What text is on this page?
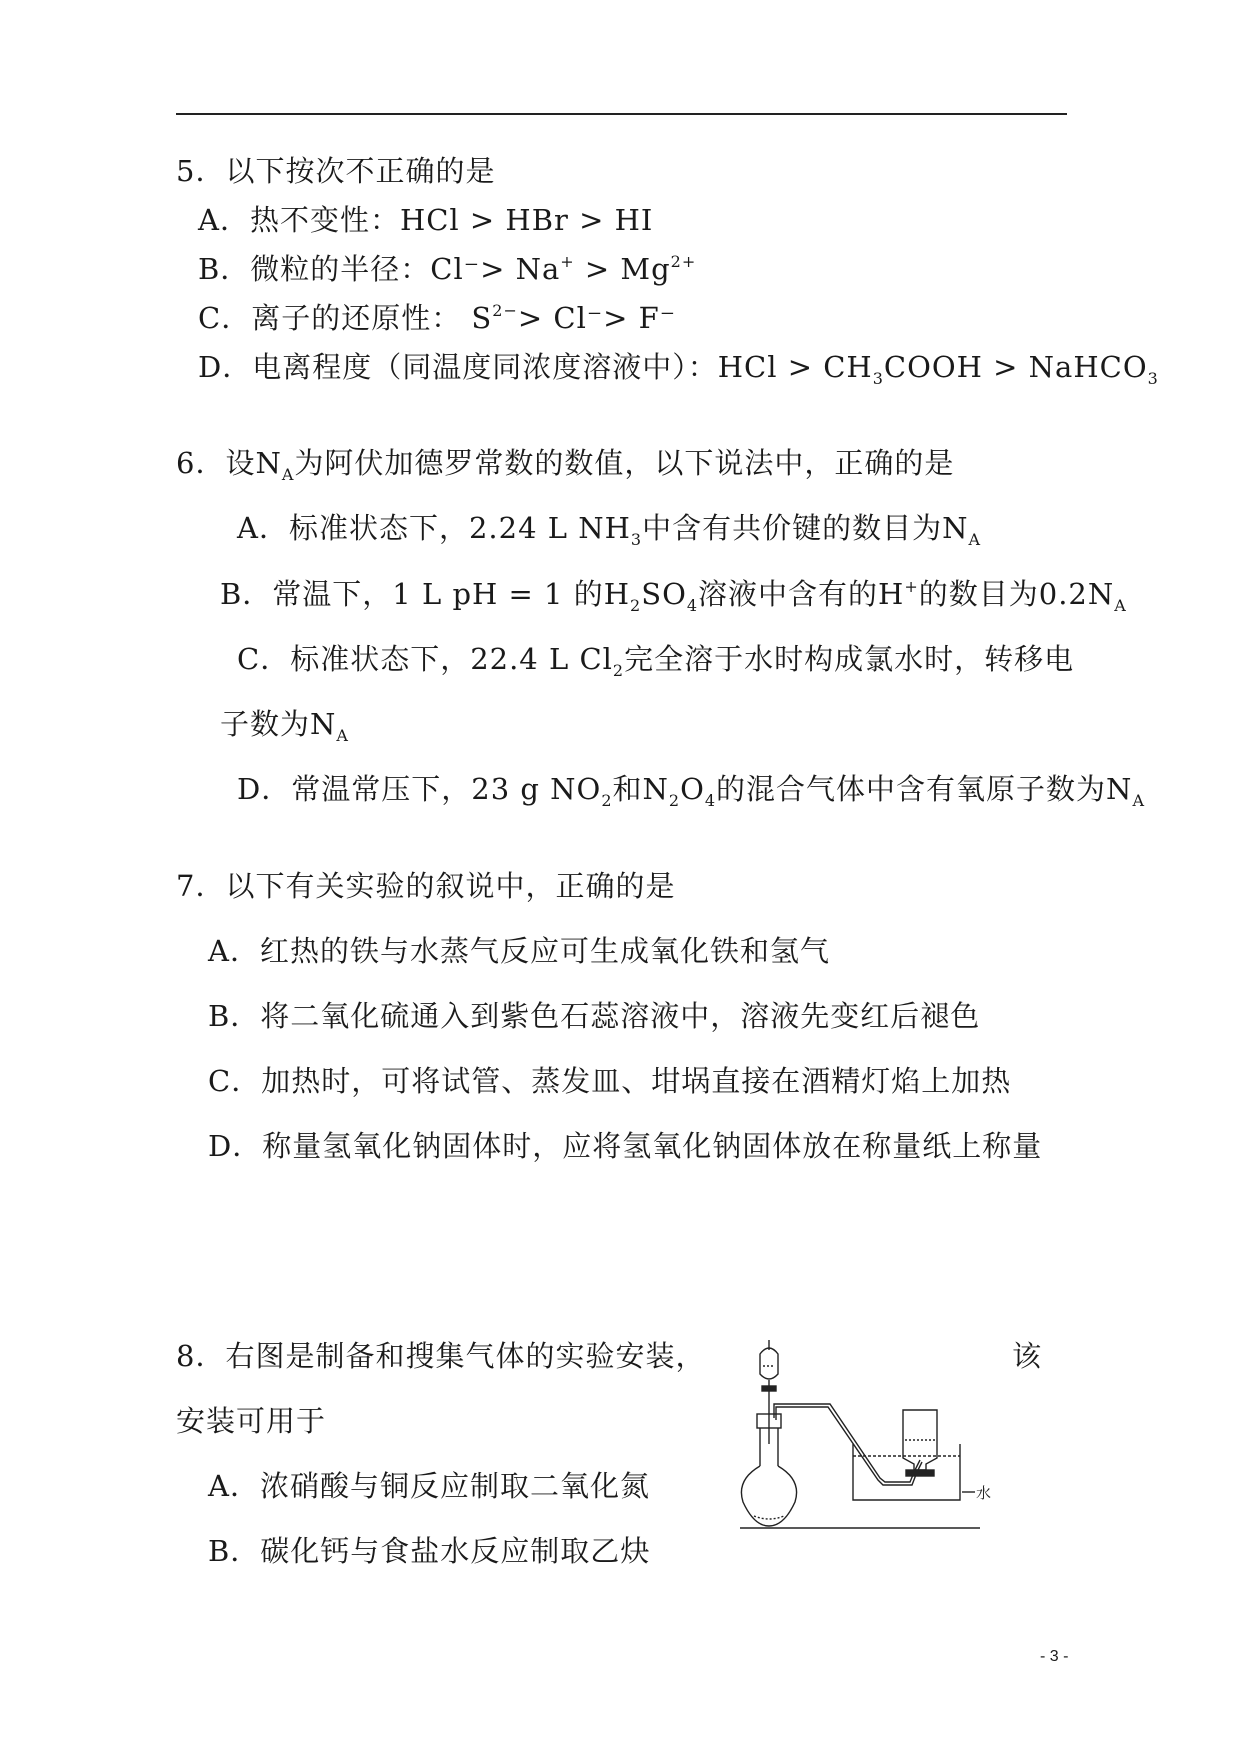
5．以下按次不正确的是
A．热不变性：HCl > HBr > HI
B．微粒的半径：$Cl^-> Na^+ > Mg^{2+}$
C．离子的还原性： $S^{2-}> Cl^-> F^-$
D．电离程度（同温度同浓度溶液中）：HCl > $CH_3COOH$ > NaHCO$_3$
6．设$N_A$为阿伏加德罗常数的数值，以下说法中，正确的是
A．标准状态下，2.24 L $NH_3$中含有共价键的数目为$N_A$
B．常温下，1 L pH = 1 的$H_2SO_4$溶液中含有的H+的数目为$0.2N_A$
C．标准状态下，22.4 L $Cl_2$完全溶于水时构成氯水时，转移电
子数为$N_A$
D．常温常压下，23 g $NO_2$和$N_2O_4$的混合气体中含有氧原子数为$N_A$
7．以下有关实验的叙说中，正确的是
A．红热的铁与水蒸气反应可生成氧化铁和氢气
B．将二氧化硫通入到紫色石蕊溶液中，溶液先变红后褪色
C．加热时，可将试管、蒸发皿、坩埚直接在酒精灯焰上加热
D．称量氢氧化钠固体时，应将氢氧化钠固体放在称量纸上称量
8．右图是制备和搜集气体的实验安装，	该
安装可用于
A．浓硝酸与铜反应制取二氧化氮
B．碳化钙与食盐水反应制取乙炔
水
- 3 -
